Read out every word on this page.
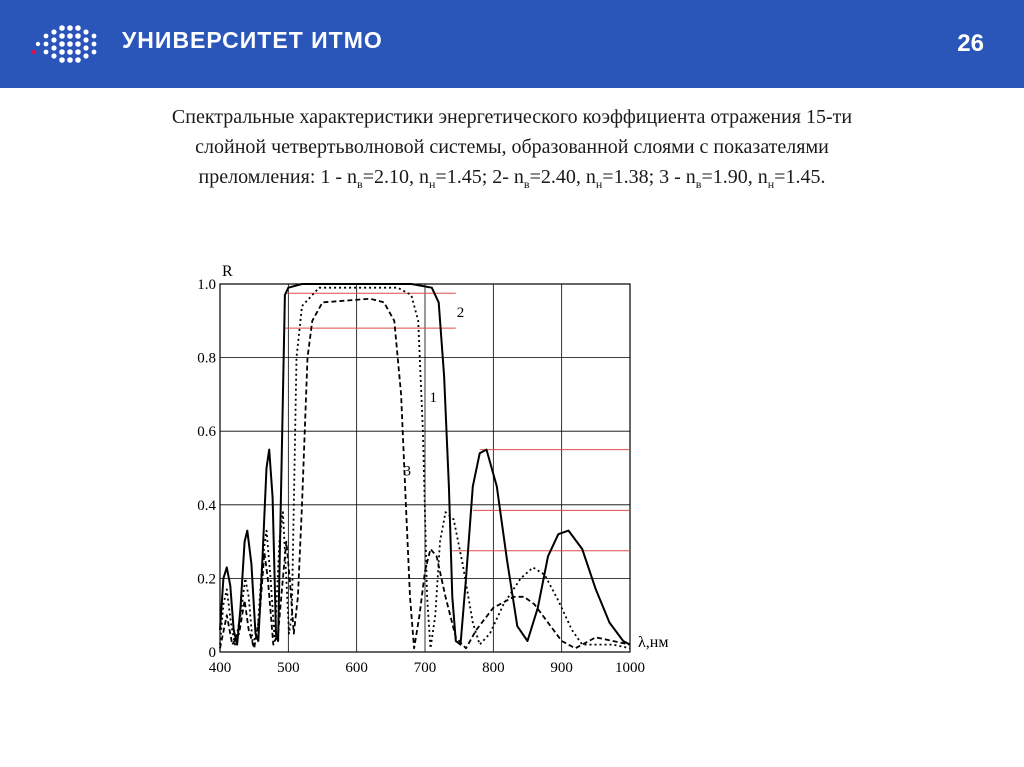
УНИВЕРСИТЕТ ИТМО	26
Спектральные характеристики энергетического коэффициента отражения 15-ти
слойной четвертьволновой системы, образованной слоями с показателями
преломления: $1 - n_в=2.10$, $n_н=1.45$; 2- $n_в=2.40$, $n_н=1.38$; $3 - n_в=1.90$, $n_н=1.45$.
400	500	600	700	800	900	1000
0
0.2
0.4
0.6
0.8
1.0
R
λ,нм
1
2
3
